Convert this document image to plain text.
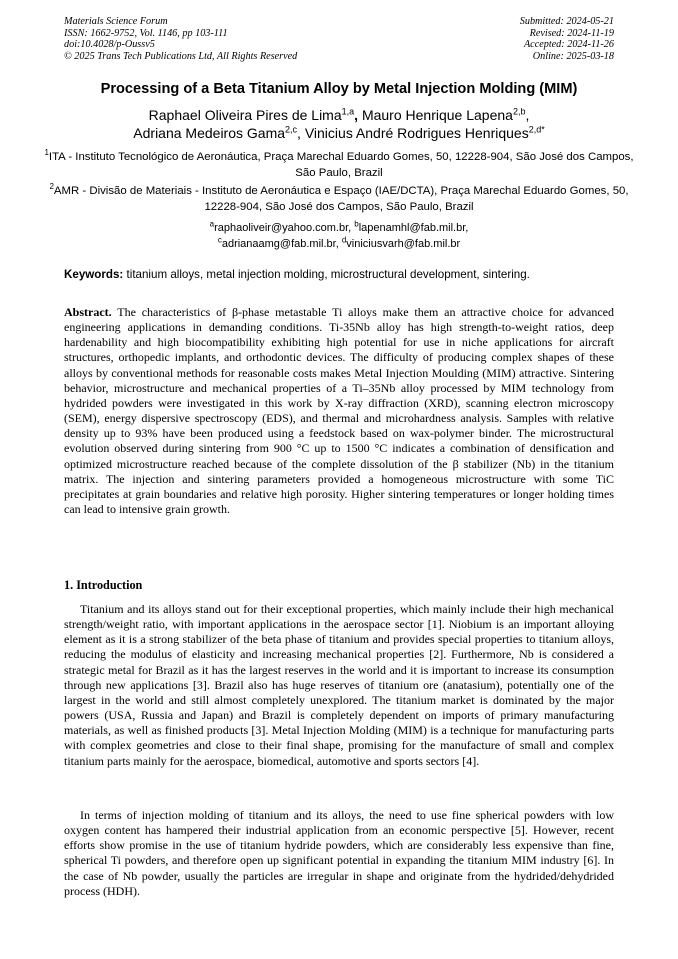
Materials Science Forum
ISSN: 1662-9752, Vol. 1146, pp 103-111
doi:10.4028/p-Oussv5
© 2025 Trans Tech Publications Ltd, All Rights Reserved
Submitted: 2024-05-21
Revised: 2024-11-19
Accepted: 2024-11-26
Online: 2025-03-18
Processing of a Beta Titanium Alloy by Metal Injection Molding (MIM)
Raphael Oliveira Pires de Lima$^{1,a}$, Mauro Henrique Lapena$^{2,b}$,
Adriana Medeiros Gama$^{2,c}$, Vinicius André Rodrigues Henriques$^{2,d*}$
$^1$ITA - Instituto Tecnológico de Aeronáutica, Praça Marechal Eduardo Gomes, 50, 12228-904, São José dos Campos, São Paulo, Brazil
$^2$AMR - Divisão de Materiais - Instituto de Aeronáutica e Espaço (IAE/DCTA), Praça Marechal Eduardo Gomes, 50, 12228-904, São José dos Campos, São Paulo, Brazil
$^a$raphaoliveir@yahoo.com.br, $^b$lapenamhl@fab.mil.br,
$^c$adrianaamg@fab.mil.br, $^d$viniciusvarh@fab.mil.br
Keywords: titanium alloys, metal injection molding, microstructural development, sintering.

Abstract. The characteristics of β-phase metastable Ti alloys make them an attractive choice for advanced engineering applications in demanding conditions. Ti-35Nb alloy has high strength-to-weight ratios, deep hardenability and high biocompatibility exhibiting high potential for use in niche applications for aircraft structures, orthopedic implants, and orthodontic devices. The difficulty of producing complex shapes of these alloys by conventional methods for reasonable costs makes Metal Injection Moulding (MIM) attractive. Sintering behavior, microstructure and mechanical properties of a Ti–35Nb alloy processed by MIM technology from hydrided powders were investigated in this work by X-ray diffraction (XRD), scanning electron microscopy (SEM), energy dispersive spectroscopy (EDS), and thermal and microhardness analysis. Samples with relative density up to 93% have been produced using a feedstock based on wax-polymer binder. The microstructural evolution observed during sintering from 900 °C up to 1500 °C indicates a combination of densification and optimized microstructure reached because of the complete dissolution of the β stabilizer (Nb) in the titanium matrix. The injection and sintering parameters provided a homogeneous microstructure with some TiC precipitates at grain boundaries and relative high porosity. Higher sintering temperatures or longer holding times can lead to intensive grain growth.

1. Introduction

Titanium and its alloys stand out for their exceptional properties, which mainly include their high mechanical strength/weight ratio, with important applications in the aerospace sector [1]. Niobium is an important alloying element as it is a strong stabilizer of the beta phase of titanium and provides special properties to titanium alloys, reducing the modulus of elasticity and increasing mechanical properties [2]. Furthermore, Nb is considered a strategic metal for Brazil as it has the largest reserves in the world and it is important to increase its consumption through new applications [3]. Brazil also has huge reserves of titanium ore (anatasium), potentially one of the largest in the world and still almost completely unexplored. The titanium market is dominated by the major powers (USA, Russia and Japan) and Brazil is completely dependent on imports of primary manufacturing materials, as well as finished products [3]. Metal Injection Molding (MIM) is a technique for manufacturing parts with complex geometries and close to their final shape, promising for the manufacture of small and complex titanium parts mainly for the aerospace, biomedical, automotive and sports sectors [4].

In terms of injection molding of titanium and its alloys, the need to use fine spherical powders with low oxygen content has hampered their industrial application from an economic perspective [5]. However, recent efforts show promise in the use of titanium hydride powders, which are considerably less expensive than fine, spherical Ti powders, and therefore open up significant potential in expanding the titanium MIM industry [6]. In the case of Nb powder, usually the particles are irregular in shape and originate from the hydrided/dehydrided process (HDH).
